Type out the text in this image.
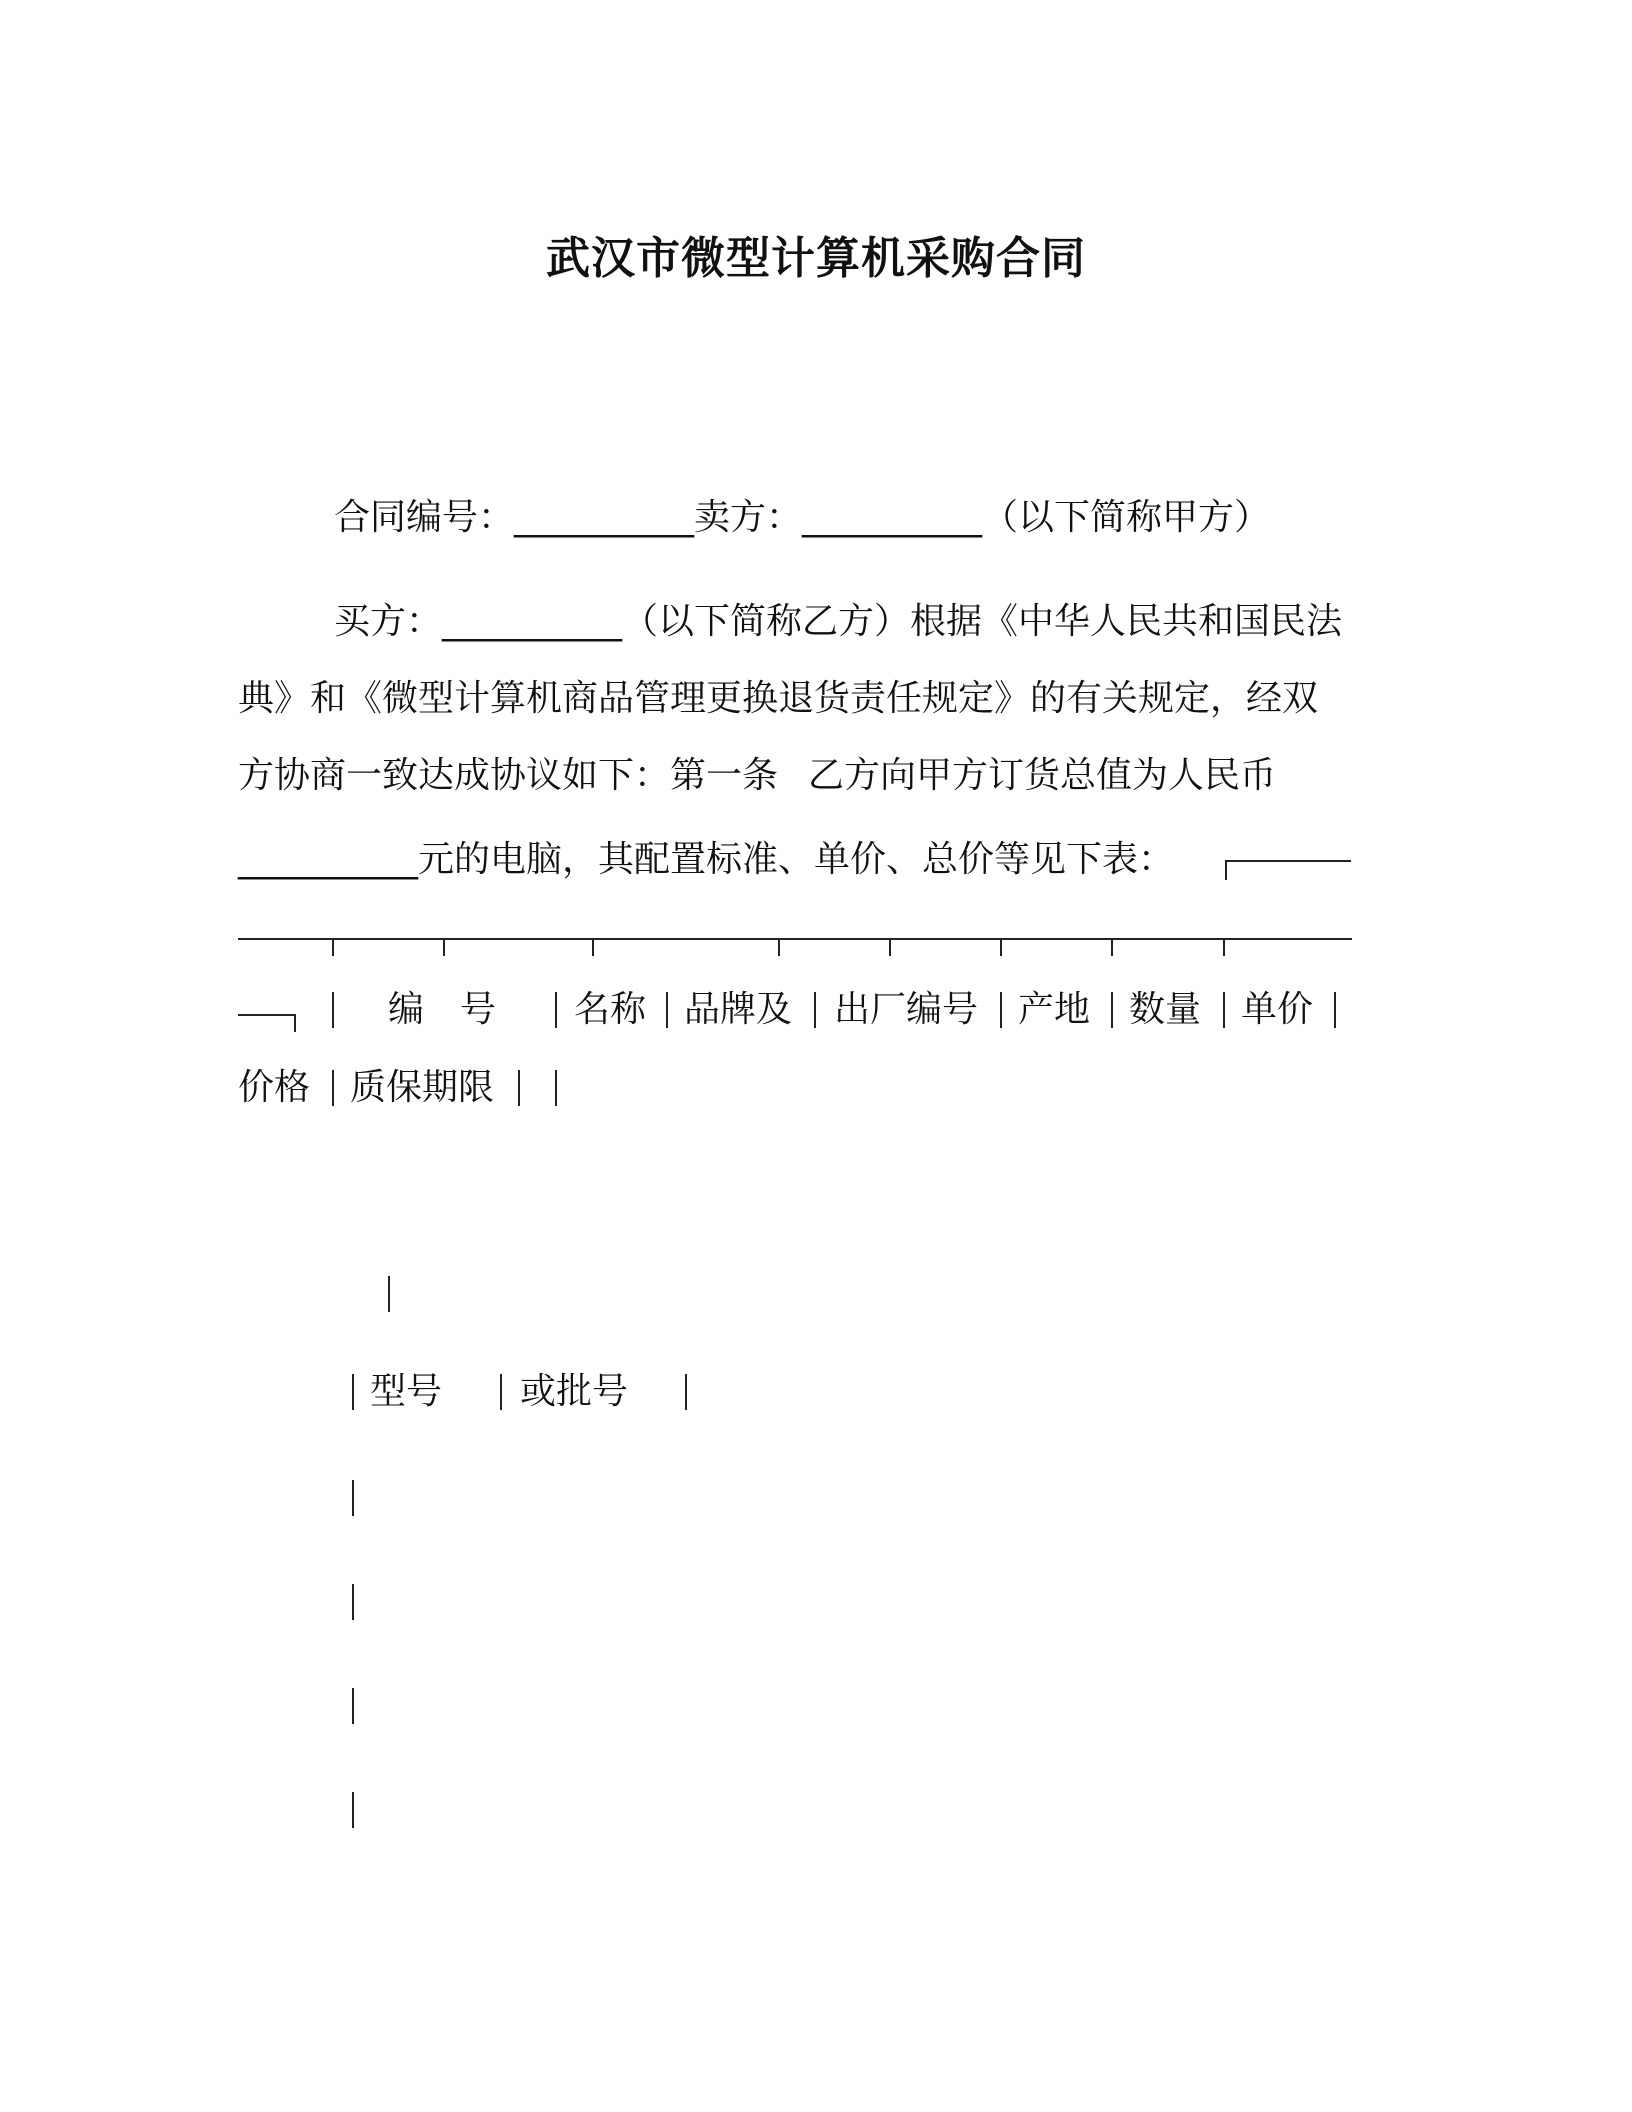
武汉市微型计算机采购合同
合同编号：__________卖方：__________（以下简称甲方）
买方：__________（以下简称乙方）根据《中华人民共和国民法
典》和《微型计算机商品管理更换退货责任规定》的有关规定，经双
方协商一致达成协议如下：第一条 乙方向甲方订货总值为人民币
__________元的电脑，其配置标准、单价、总价等见下表：
编　号 名称 品牌及 出厂编号 产地 数量 单价
价格 质保期限
型号 或批号
